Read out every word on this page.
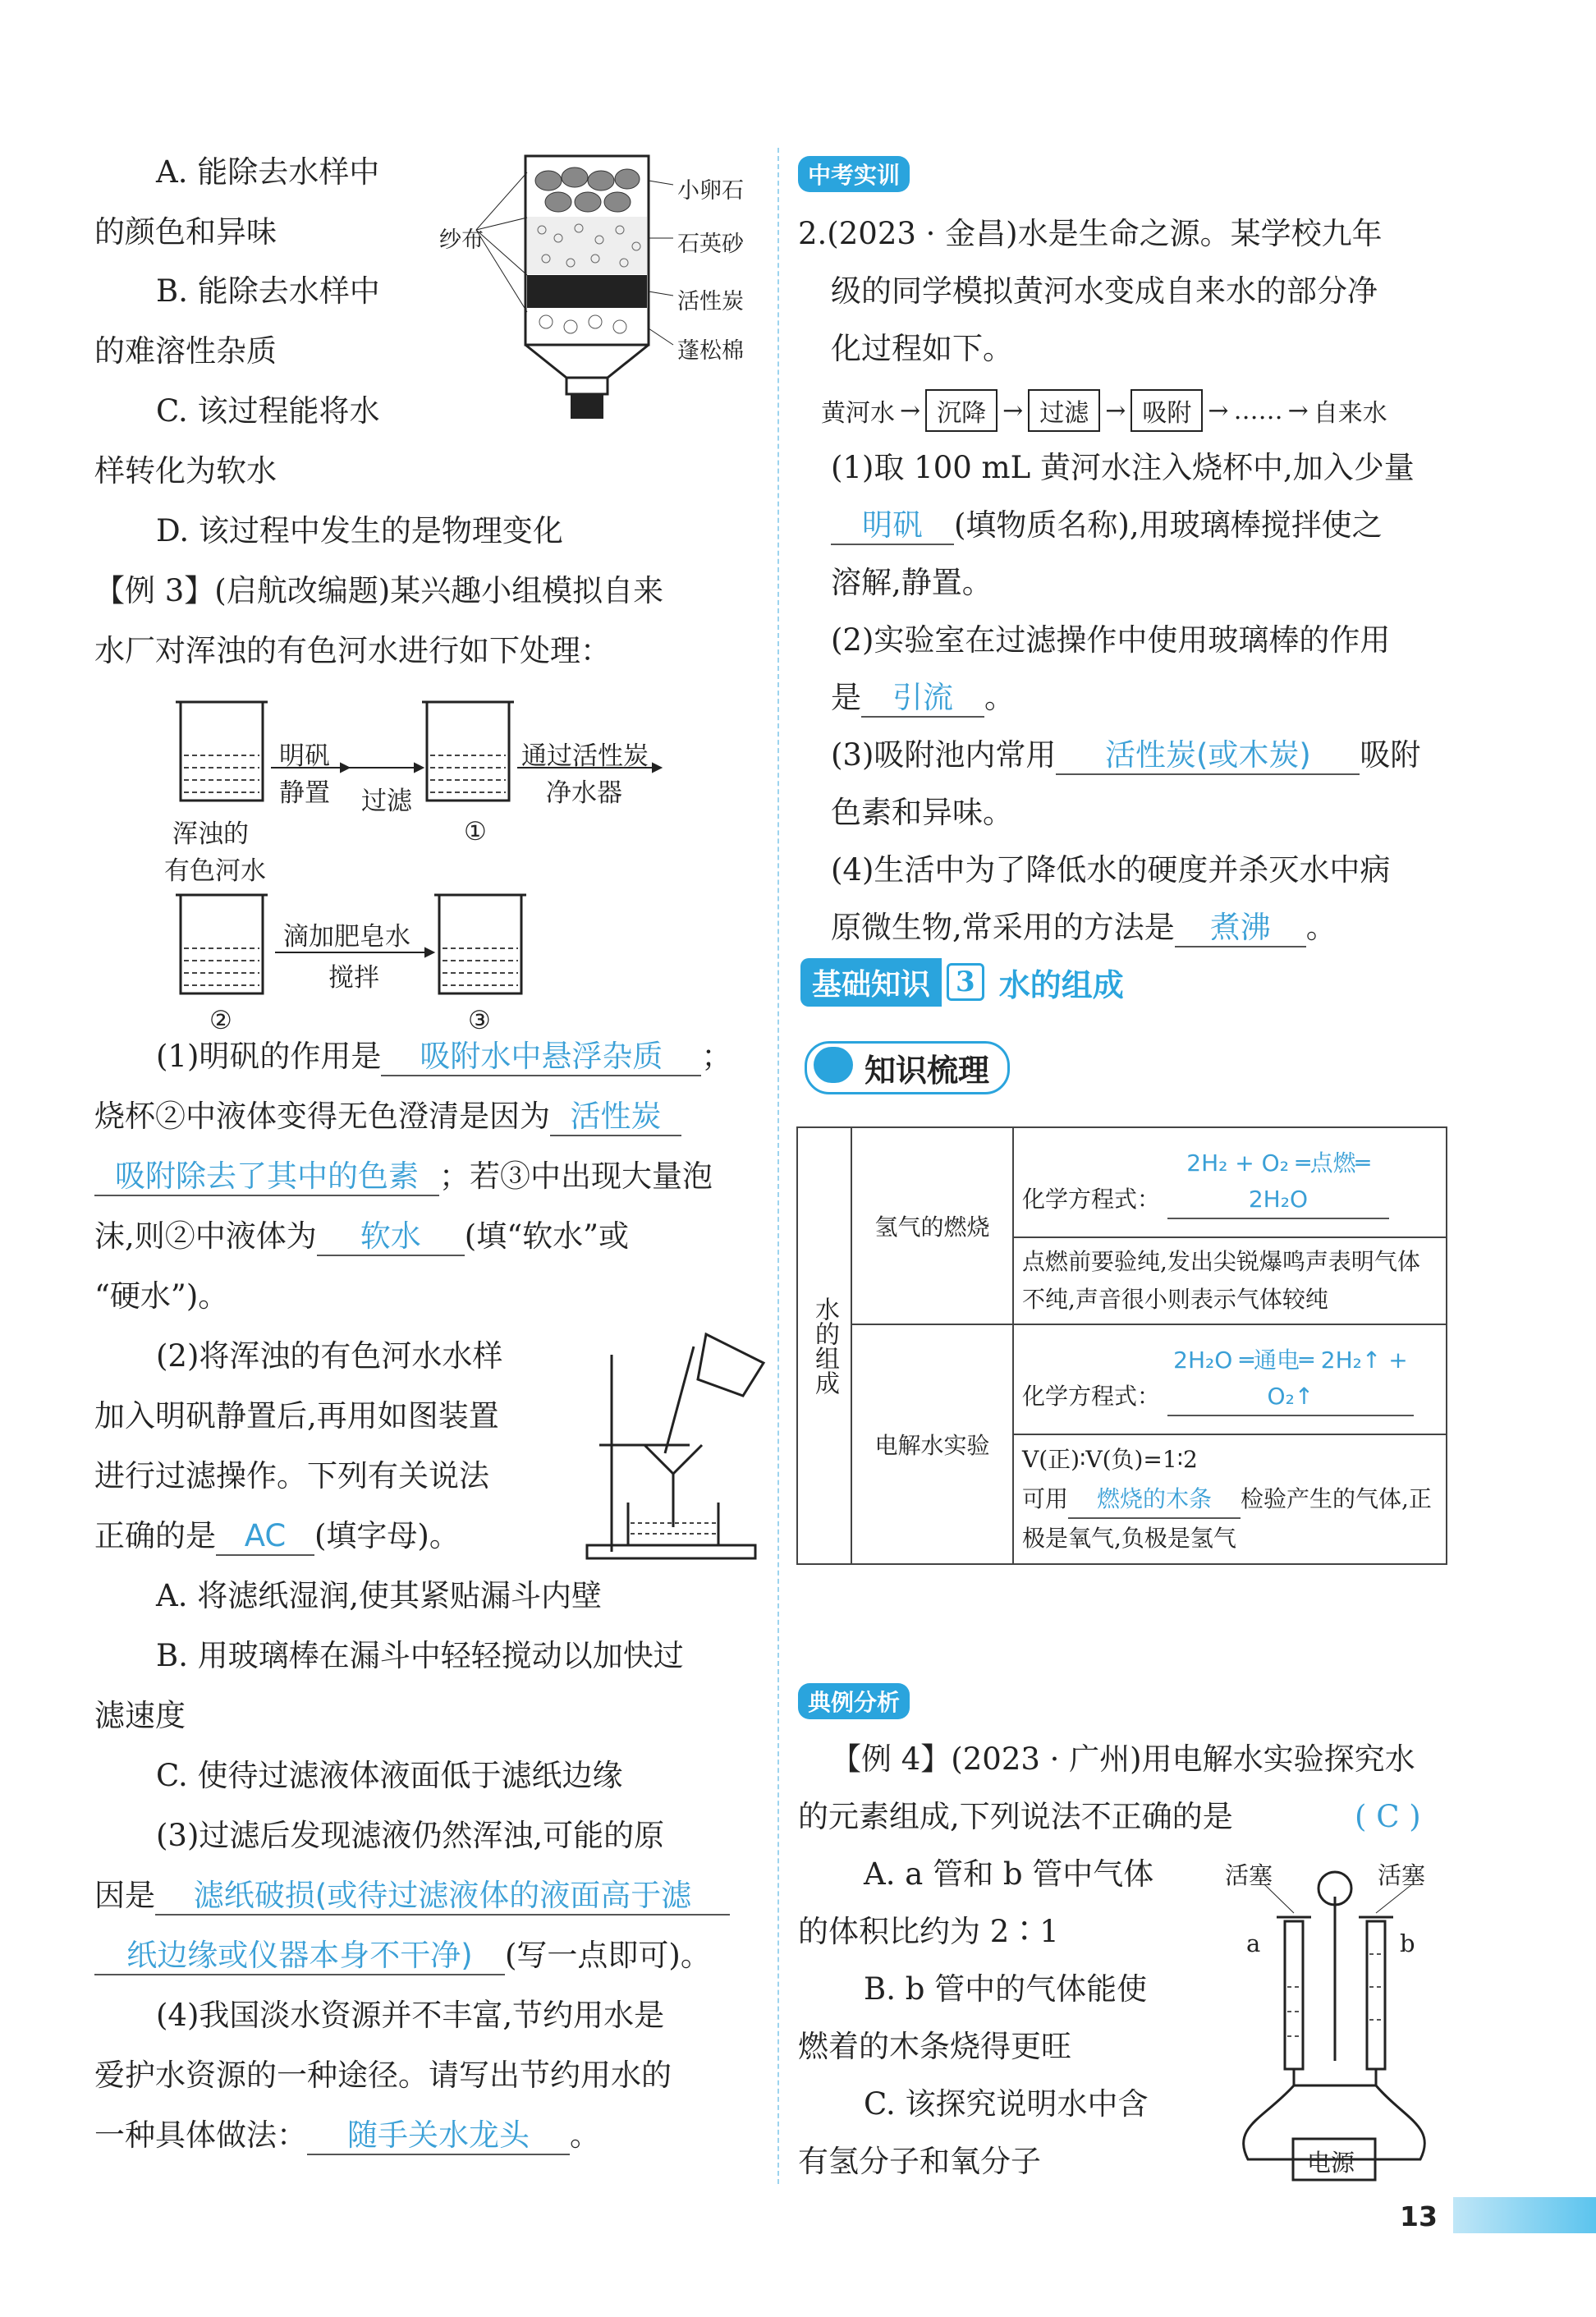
A. 能除去水样中
的颜色和异味
B. 能除去水样中
的难溶性杂质
C. 该过程能将水
样转化为软水
D. 该过程中发生的是物理变化
纱布
小卵石
石英砂
活性炭
蓬松棉
【例 3】(启航改编题)某兴趣小组模拟自来
水厂对浑浊的有色河水进行如下处理：
明矾
静置 过滤
通过活性炭
净水器
浑浊的
有色河水
①
滴加肥皂水
搅拌
②	③
(1)明矾的作用是 吸附水中悬浮杂质 ；
烧杯②中液体变得无色澄清是因为 活性炭
吸附除去了其中的色素 ；若③中出现大量泡
沫,则②中液体为 软水 (填“软水”或
“硬水”)。
(2)将浑浊的有色河水水样
加入明矾静置后,再用如图装置
进行过滤操作。下列有关说法
正确的是 AC (填字母)。
A. 将滤纸湿润,使其紧贴漏斗内壁
B. 用玻璃棒在漏斗中轻轻搅动以加快过
滤速度
C. 使待过滤液体液面低于滤纸边缘
(3)过滤后发现滤液仍然浑浊,可能的原
因是 滤纸破损(或待过滤液体的液面高于滤
纸边缘或仪器本身不干净) (写一点即可)。
(4)我国淡水资源并不丰富,节约用水是
爱护水资源的一种途径。请写出节约用水的
一种具体做法： 随手关水龙头 。
中考实训
2.(2023 · 金昌)水是生命之源。某学校九年
级的同学模拟黄河水变成自来水的部分净
化过程如下。
黄河水 → 沉降 → 过滤 → 吸附 → …… → 自来水
(1)取 100 mL 黄河水注入烧杯中,加入少量
明矾 (填物质名称),用玻璃棒搅拌使之
溶解,静置。
(2)实验室在过滤操作中使用玻璃棒的作用
是 引流 。
(3)吸附池内常用 活性炭(或木炭) 吸附
色素和异味。
(4)生活中为了降低水的硬度并杀灭水中病
原微生物,常采用的方法是 煮沸 。
基础知识 3 水的组成
知识梳理
水的组成	氢气的燃烧	化学方程式： 2H₂ + O₂ ═点燃═ 2H₂O
		点燃前要验纯,发出尖锐爆鸣声表明气体不纯,声音很小则表示气体较纯
	电解水实验	化学方程式： 2H₂O ═通电═ 2H₂↑ + O₂↑

		V(正)∶V(负)=1∶2
可用 燃烧的木条 检验产生的气体,正极是氧气,负极是氢气
典例分析
【例 4】(2023 · 广州)用电解水实验探究水
的元素组成,下列说法不正确的是	( C )
A. a 管和 b 管中气体
的体积比约为 2∶1
B. b 管中的气体能使
燃着的木条烧得更旺
C. 该探究说明水中含
有氢分子和氧分子
活塞	活塞
a	b
电源
13
